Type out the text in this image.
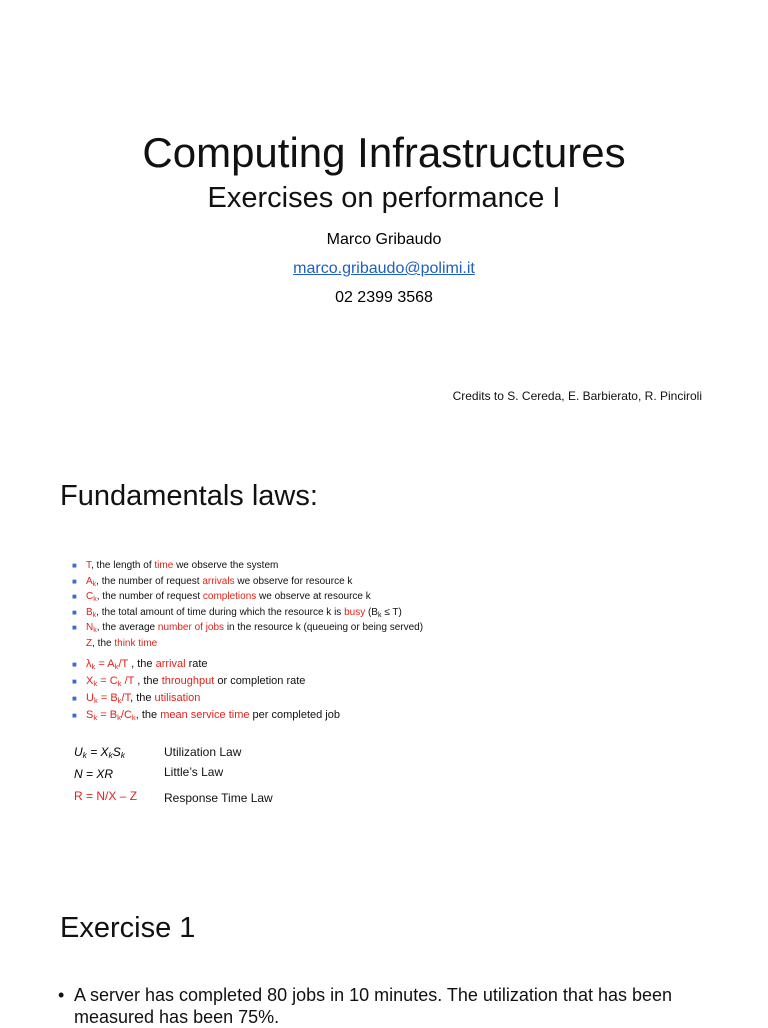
Computing Infrastructures
Exercises on performance I
Marco Gribaudo
marco.gribaudo@polimi.it
02 2399 3568
Credits to S. Cereda, E. Barbierato, R. Pinciroli
Fundamentals laws:
■ T, the length of time we observe the system
■ $A_k$, the number of request arrivals we observe for resource k
■ $C_k$, the number of request completions we observe at resource k
■ $B_k$, the total amount of time during which the resource k is busy $(B_k \le T)$
■ $N_k$, the average number of jobs in the resource k (queueing or being served)
Z, the think time
■ $\lambda_k = A_k/T$ , the arrival rate
■ $X_k = C_k$ /T , the throughput or completion rate
■ $U_k = B_k/T$, the utilisation
■ $S_k = B_k/C_k$, the mean service time per completed job
$U_k = X_kS_k$	Utilization Law
N = XR	Little’s Law
R = N/X – Z Response Time Law
Exercise 1
• A server has completed 80 jobs in 10 minutes. The utilization that has been measured has been 75%.
